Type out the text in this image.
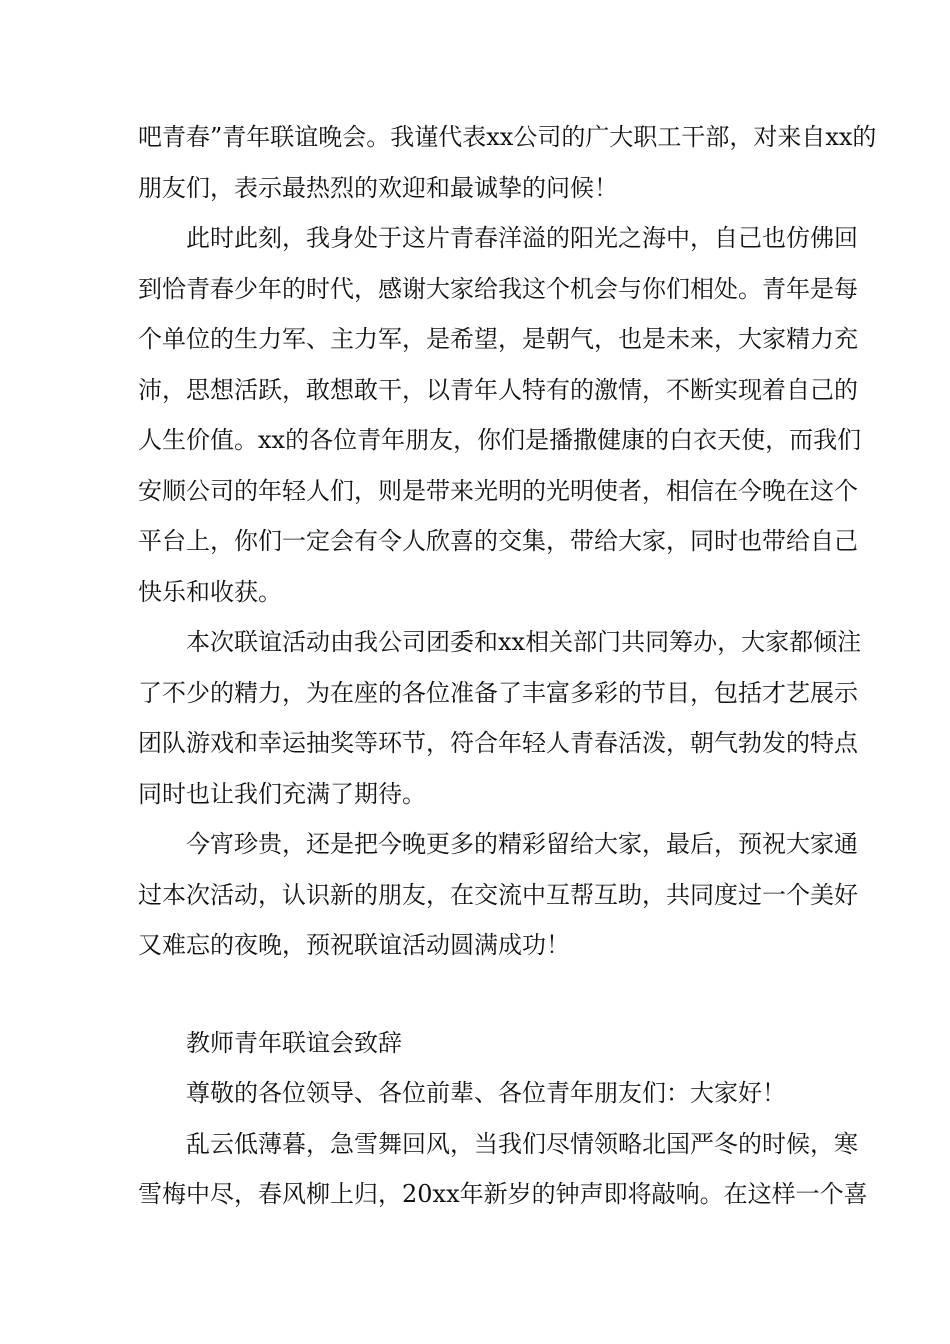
吧青春”青年联谊晚会。我谨代表xx公司的广大职工干部，对来自xx的
朋友们，表示最热烈的欢迎和最诚挚的问候！
此时此刻，我身处于这片青春洋溢的阳光之海中，自己也仿佛回
到恰青春少年的时代，感谢大家给我这个机会与你们相处。青年是每
个单位的生力军、主力军，是希望，是朝气，也是未来，大家精力充
沛，思想活跃，敢想敢干，以青年人特有的激情，不断实现着自己的
人生价值。xx的各位青年朋友，你们是播撒健康的白衣天使，而我们
安顺公司的年轻人们，则是带来光明的光明使者，相信在今晚在这个
平台上，你们一定会有令人欣喜的交集，带给大家，同时也带给自己
快乐和收获。
本次联谊活动由我公司团委和xx相关部门共同筹办，大家都倾注
了不少的精力，为在座的各位准备了丰富多彩的节目，包括才艺展示
团队游戏和幸运抽奖等环节，符合年轻人青春活泼，朝气勃发的特点
同时也让我们充满了期待。
今宵珍贵，还是把今晚更多的精彩留给大家，最后，预祝大家通
过本次活动，认识新的朋友，在交流中互帮互助，共同度过一个美好
又难忘的夜晚，预祝联谊活动圆满成功！
教师青年联谊会致辞
尊敬的各位领导、各位前辈、各位青年朋友们：大家好！
乱云低薄暮，急雪舞回风，当我们尽情领略北国严冬的时候，寒
雪梅中尽，春风柳上归，20xx年新岁的钟声即将敲响。在这样一个喜
